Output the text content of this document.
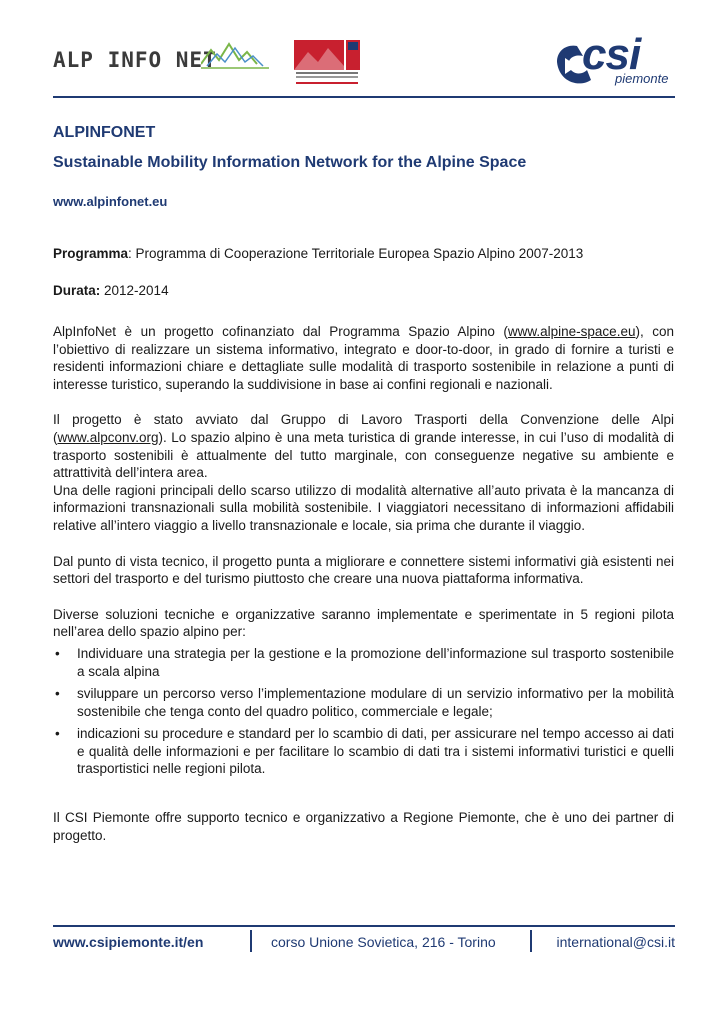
ALP INFO NET	csi
piemonte
ALPINFONET
Sustainable Mobility Information Network for the Alpine Space
www.alpinfonet.eu

Programma: Programma di Cooperazione Territoriale Europea Spazio Alpino 2007-2013

Durata: 2012-2014

AlpInfoNet è un progetto cofinanziato dal Programma Spazio Alpino (www.alpine-space.eu), con l’obiettivo di realizzare un sistema informativo, integrato e door-to-door, in grado di fornire a turisti e residenti informazioni chiare e dettagliate sulle modalità di trasporto sostenibile in relazione a punti di interesse turistico, superando la suddivisione in base ai confini regionali e nazionali.

Il progetto è stato avviato dal Gruppo di Lavoro Trasporti della Convenzione delle Alpi (www.alpconv.org). Lo spazio alpino è una meta turistica di grande interesse, in cui l’uso di modalità di trasporto sostenibili è attualmente del tutto marginale, con conseguenze negative su ambiente e attrattività dell’intera area.

Una delle ragioni principali dello scarso utilizzo di modalità alternative all’auto privata è la mancanza di informazioni transnazionali sulla mobilità sostenibile. I viaggiatori necessitano di informazioni affidabili relative all’intero viaggio a livello transnazionale e locale, sia prima che durante il viaggio.

Dal punto di vista tecnico, il progetto punta a migliorare e connettere sistemi informativi già esistenti nei settori del trasporto e del turismo piuttosto che creare una nuova piattaforma informativa.

Diverse soluzioni tecniche e organizzative saranno implementate e sperimentate in 5 regioni pilota nell’area dello spazio alpino per:

• Individuare una strategia per la gestione e la promozione dell’informazione sul trasporto sostenibile a scala alpina
• sviluppare un percorso verso l’implementazione modulare di un servizio informativo per la mobilità sostenibile che tenga conto del quadro politico, commerciale e legale;
• indicazioni su procedure e standard per lo scambio di dati, per assicurare nel tempo accesso ai dati e qualità delle informazioni e per facilitare lo scambio di dati tra i sistemi informativi turistici e quelli trasportistici nelle regioni pilota.

Il CSI Piemonte offre supporto tecnico e organizzativo a Regione Piemonte, che è uno dei partner di progetto.

www.csipiemonte.it/en	corso Unione Sovietica, 216 - Torino	international@csi.it
